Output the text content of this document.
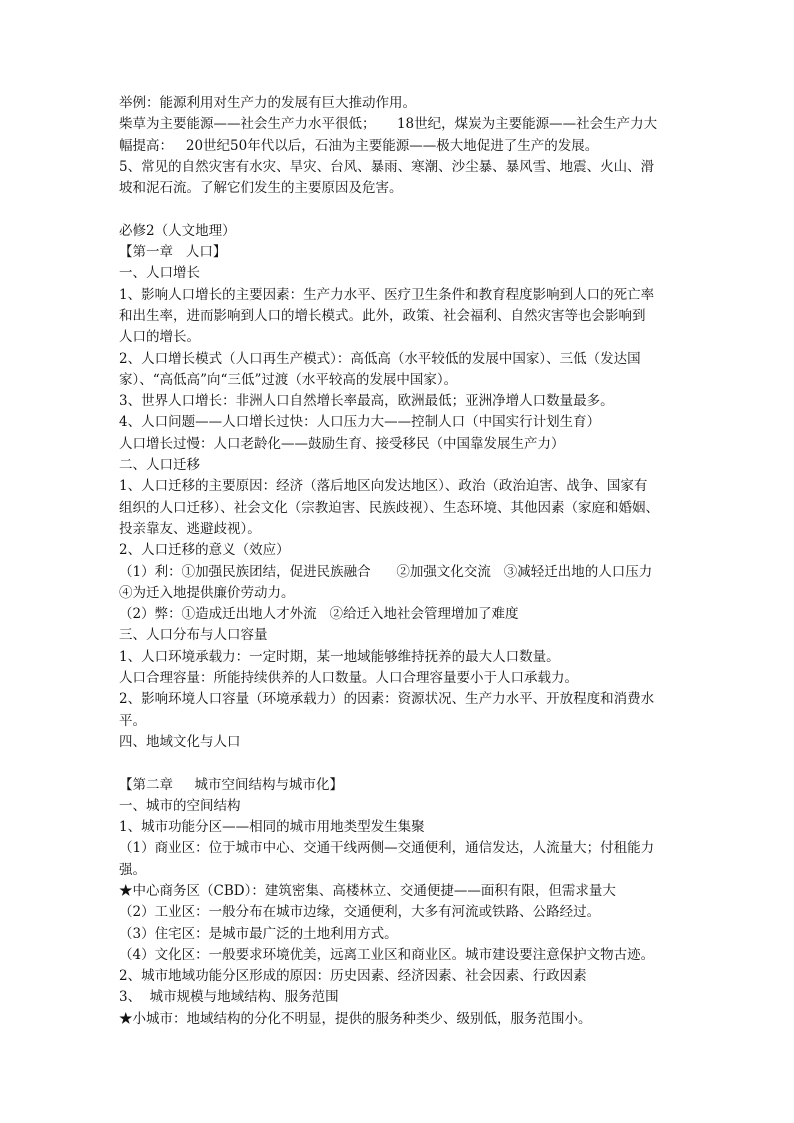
举例：能源利用对生产力的发展有巨大推动作用。
柴草为主要能源——社会生产力水平很低；     18世纪，煤炭为主要能源——社会生产力大
幅提高：   20世纪50年代以后，石油为主要能源——极大地促进了生产的发展。
5、常见的自然灾害有水灾、旱灾、台风、暴雨、寒潮、沙尘暴、暴风雪、地震、火山、滑
坡和泥石流。了解它们发生的主要原因及危害。
必修2（人文地理）
【第一章   人口】
一、人口增长
1、影响人口增长的主要因素：生产力水平、医疗卫生条件和教育程度影响到人口的死亡率
和出生率，进而影响到人口的增长模式。此外，政策、社会福利、自然灾害等也会影响到
人口的增长。
2、人口增长模式（人口再生产模式）：高低高（水平较低的发展中国家）、三低（发达国
家）、“高低高”向“三低”过渡（水平较高的发展中国家）。
3、世界人口增长：非洲人口自然增长率最高，欧洲最低；亚洲净增人口数量最多。
4、人口问题——人口增长过快：人口压力大——控制人口（中国实行计划生育）
人口增长过慢：人口老龄化——鼓励生育、接受移民（中国靠发展生产力）
二、人口迁移
1、人口迁移的主要原因：经济（落后地区向发达地区）、政治（政治迫害、战争、国家有
组织的人口迁移）、社会文化（宗教迫害、民族歧视）、生态环境、其他因素（家庭和婚姻、
投亲靠友、逃避歧视）。
2、人口迁移的意义（效应）
（1）利：①加强民族团结，促进民族融合      ②加强文化交流   ③减轻迁出地的人口压力
④为迁入地提供廉价劳动力。
（2）弊：①造成迁出地人才外流   ②给迁入地社会管理增加了难度
三、人口分布与人口容量
1、人口环境承载力：一定时期，某一地域能够维持抚养的最大人口数量。
人口合理容量：所能持续供养的人口数量。人口合理容量要小于人口承载力。
2、影响环境人口容量（环境承载力）的因素：资源状况、生产力水平、开放程度和消费水
平。
四、地域文化与人口
【第二章     城市空间结构与城市化】
一、城市的空间结构
1、城市功能分区——相同的城市用地类型发生集聚
（1）商业区：位于城市中心、交通干线两侧—交通便利，通信发达，人流量大；付租能力
强。
★中心商务区（CBD）：建筑密集、高楼林立、交通便捷——面积有限，但需求量大
（2）工业区：一般分布在城市边缘，交通便利，大多有河流或铁路、公路经过。
（3）住宅区：是城市最广泛的土地利用方式。
（4）文化区：一般要求环境优美，远离工业区和商业区。城市建设要注意保护文物古迹。
2、城市地域功能分区形成的原因：历史因素、经济因素、社会因素、行政因素
3、  城市规模与地域结构、服务范围
★小城市：地域结构的分化不明显，提供的服务种类少、级别低，服务范围小。
